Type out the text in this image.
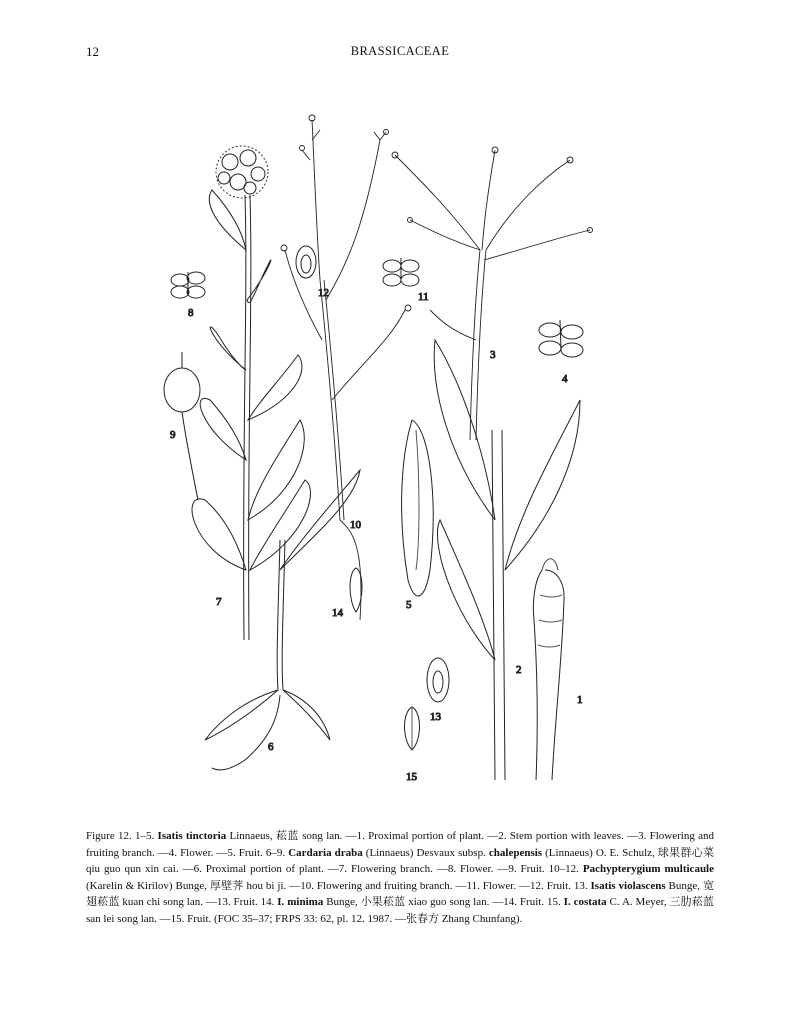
12	BRASSICACEAE
1
2
3
4
5
6
7
8
9
10
11
12
13
14
15
Figure 12. 1–5. Isatis tinctoria Linnaeus, 菘蓝 song lan. —1. Proximal portion of plant. —2. Stem portion with leaves. —3. Flowering and fruiting branch. —4. Flower. —5. Fruit. 6–9. Cardaria draba (Linnaeus) Desvaux subsp. chalepensis (Linnaeus) O. E. Schulz, 球果群心菜 qiu guo qun xin cai. —6. Proximal portion of plant. —7. Flowering branch. —8. Flower. —9. Fruit. 10–12. Pachypterygium multicaule (Karelin & Kirilov) Bunge, 厚壁荠 hou bi ji. —10. Flowering and fruiting branch. —11. Flower. —12. Fruit. 13. Isatis violascens Bunge, 宽翅菘蓝 kuan chi song lan. —13. Fruit. 14. I. minima Bunge, 小果菘蓝 xiao guo song lan. —14. Fruit. 15. I. costata C. A. Meyer, 三肋菘蓝 san lei song lan. —15. Fruit. (FOC 35–37; FRPS 33: 62, pl. 12. 1987. —张春方 Zhang Chunfang).
